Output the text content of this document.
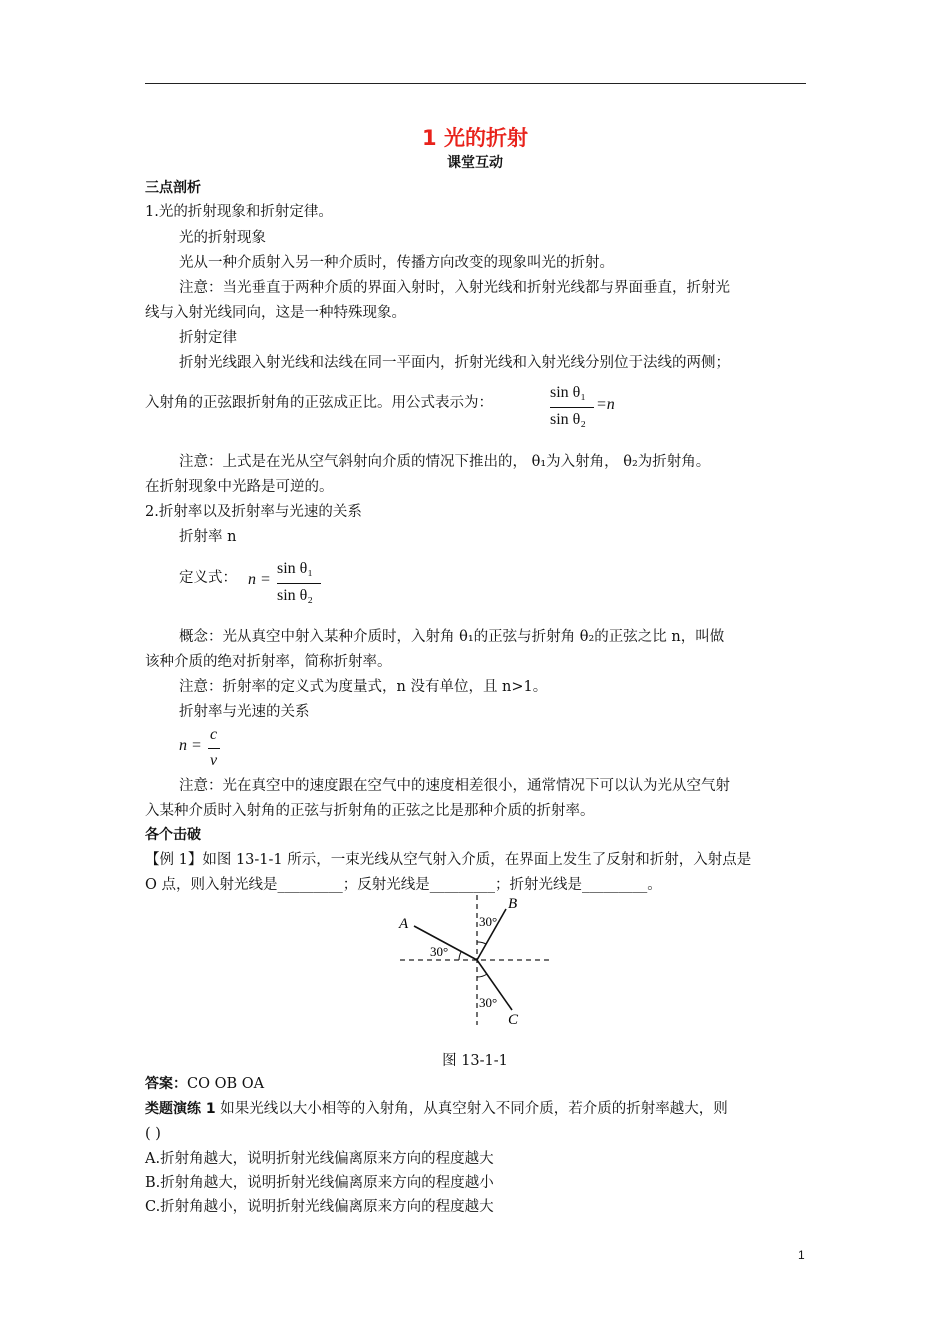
1 光的折射
课堂互动
三点剖析
1.光的折射现象和折射定律。
光的折射现象
光从一种介质射入另一种介质时，传播方向改变的现象叫光的折射。
注意：当光垂直于两种介质的界面入射时，入射光线和折射光线都与界面垂直，折射光
线与入射光线同向，这是一种特殊现象。
折射定律
折射光线跟入射光线和法线在同一平面内，折射光线和入射光线分别位于法线的两侧；
入射角的正弦跟折射角的正弦成正比。用公式表示为：
sin θ₁
sin θ₂
=n
注意：上式是在光从空气斜射向介质的情况下推出的， θ₁为入射角， θ₂为折射角。
在折射现象中光路是可逆的。
2.折射率以及折射率与光速的关系
折射率 n
定义式： n =
sin θ₁
sin θ₂
概念：光从真空中射入某种介质时，入射角 θ₁的正弦与折射角 θ₂的正弦之比 n，叫做
该种介质的绝对折射率，简称折射率。
注意：折射率的定义式为度量式，n 没有单位，且 n>1。
折射率与光速的关系
n =
c
v
注意：光在真空中的速度跟在空气中的速度相差很小，通常情况下可以认为光从空气射
入某种介质时入射角的正弦与折射角的正弦之比是那种介质的折射率。
各个击破
【例 1】如图 13-1-1 所示，一束光线从空气射入介质，在界面上发生了反射和折射，入射点是
O 点，则入射光线是_________；反射光线是_________；折射光线是_________。
A
B
C
30°
30°
30°
图 13-1-1
答案：CO OB OA
类题演练 1 如果光线以大小相等的入射角，从真空射入不同介质，若介质的折射率越大，则
( )
A.折射角越大，说明折射光线偏离原来方向的程度越大
B.折射角越大，说明折射光线偏离原来方向的程度越小
C.折射角越小，说明折射光线偏离原来方向的程度越大
1
